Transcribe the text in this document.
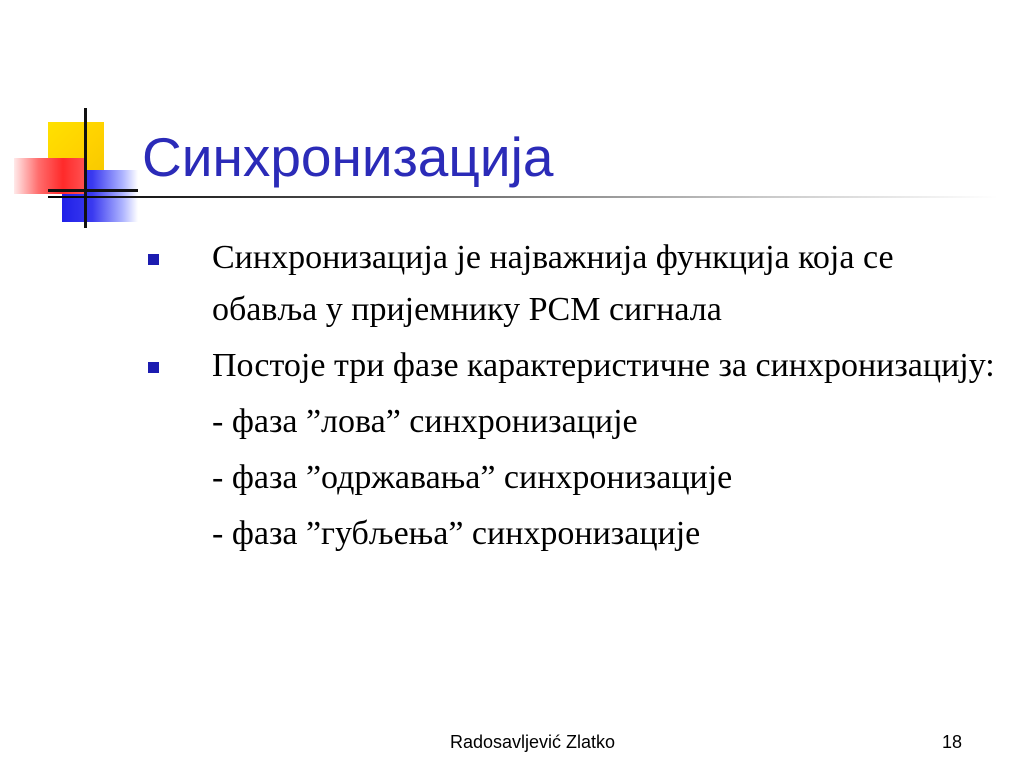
Синхронизација
Синхронизација је најважнија функција која се обавља у пријемнику PCM сигнала
Постоје три фазе карактеристичне за синхронизацију:
- фаза ”лова” синхронизације
- фаза ”одржавања” синхронизације
- фаза ”губљења” синхронизације
Radosavljević Zlatko	18
